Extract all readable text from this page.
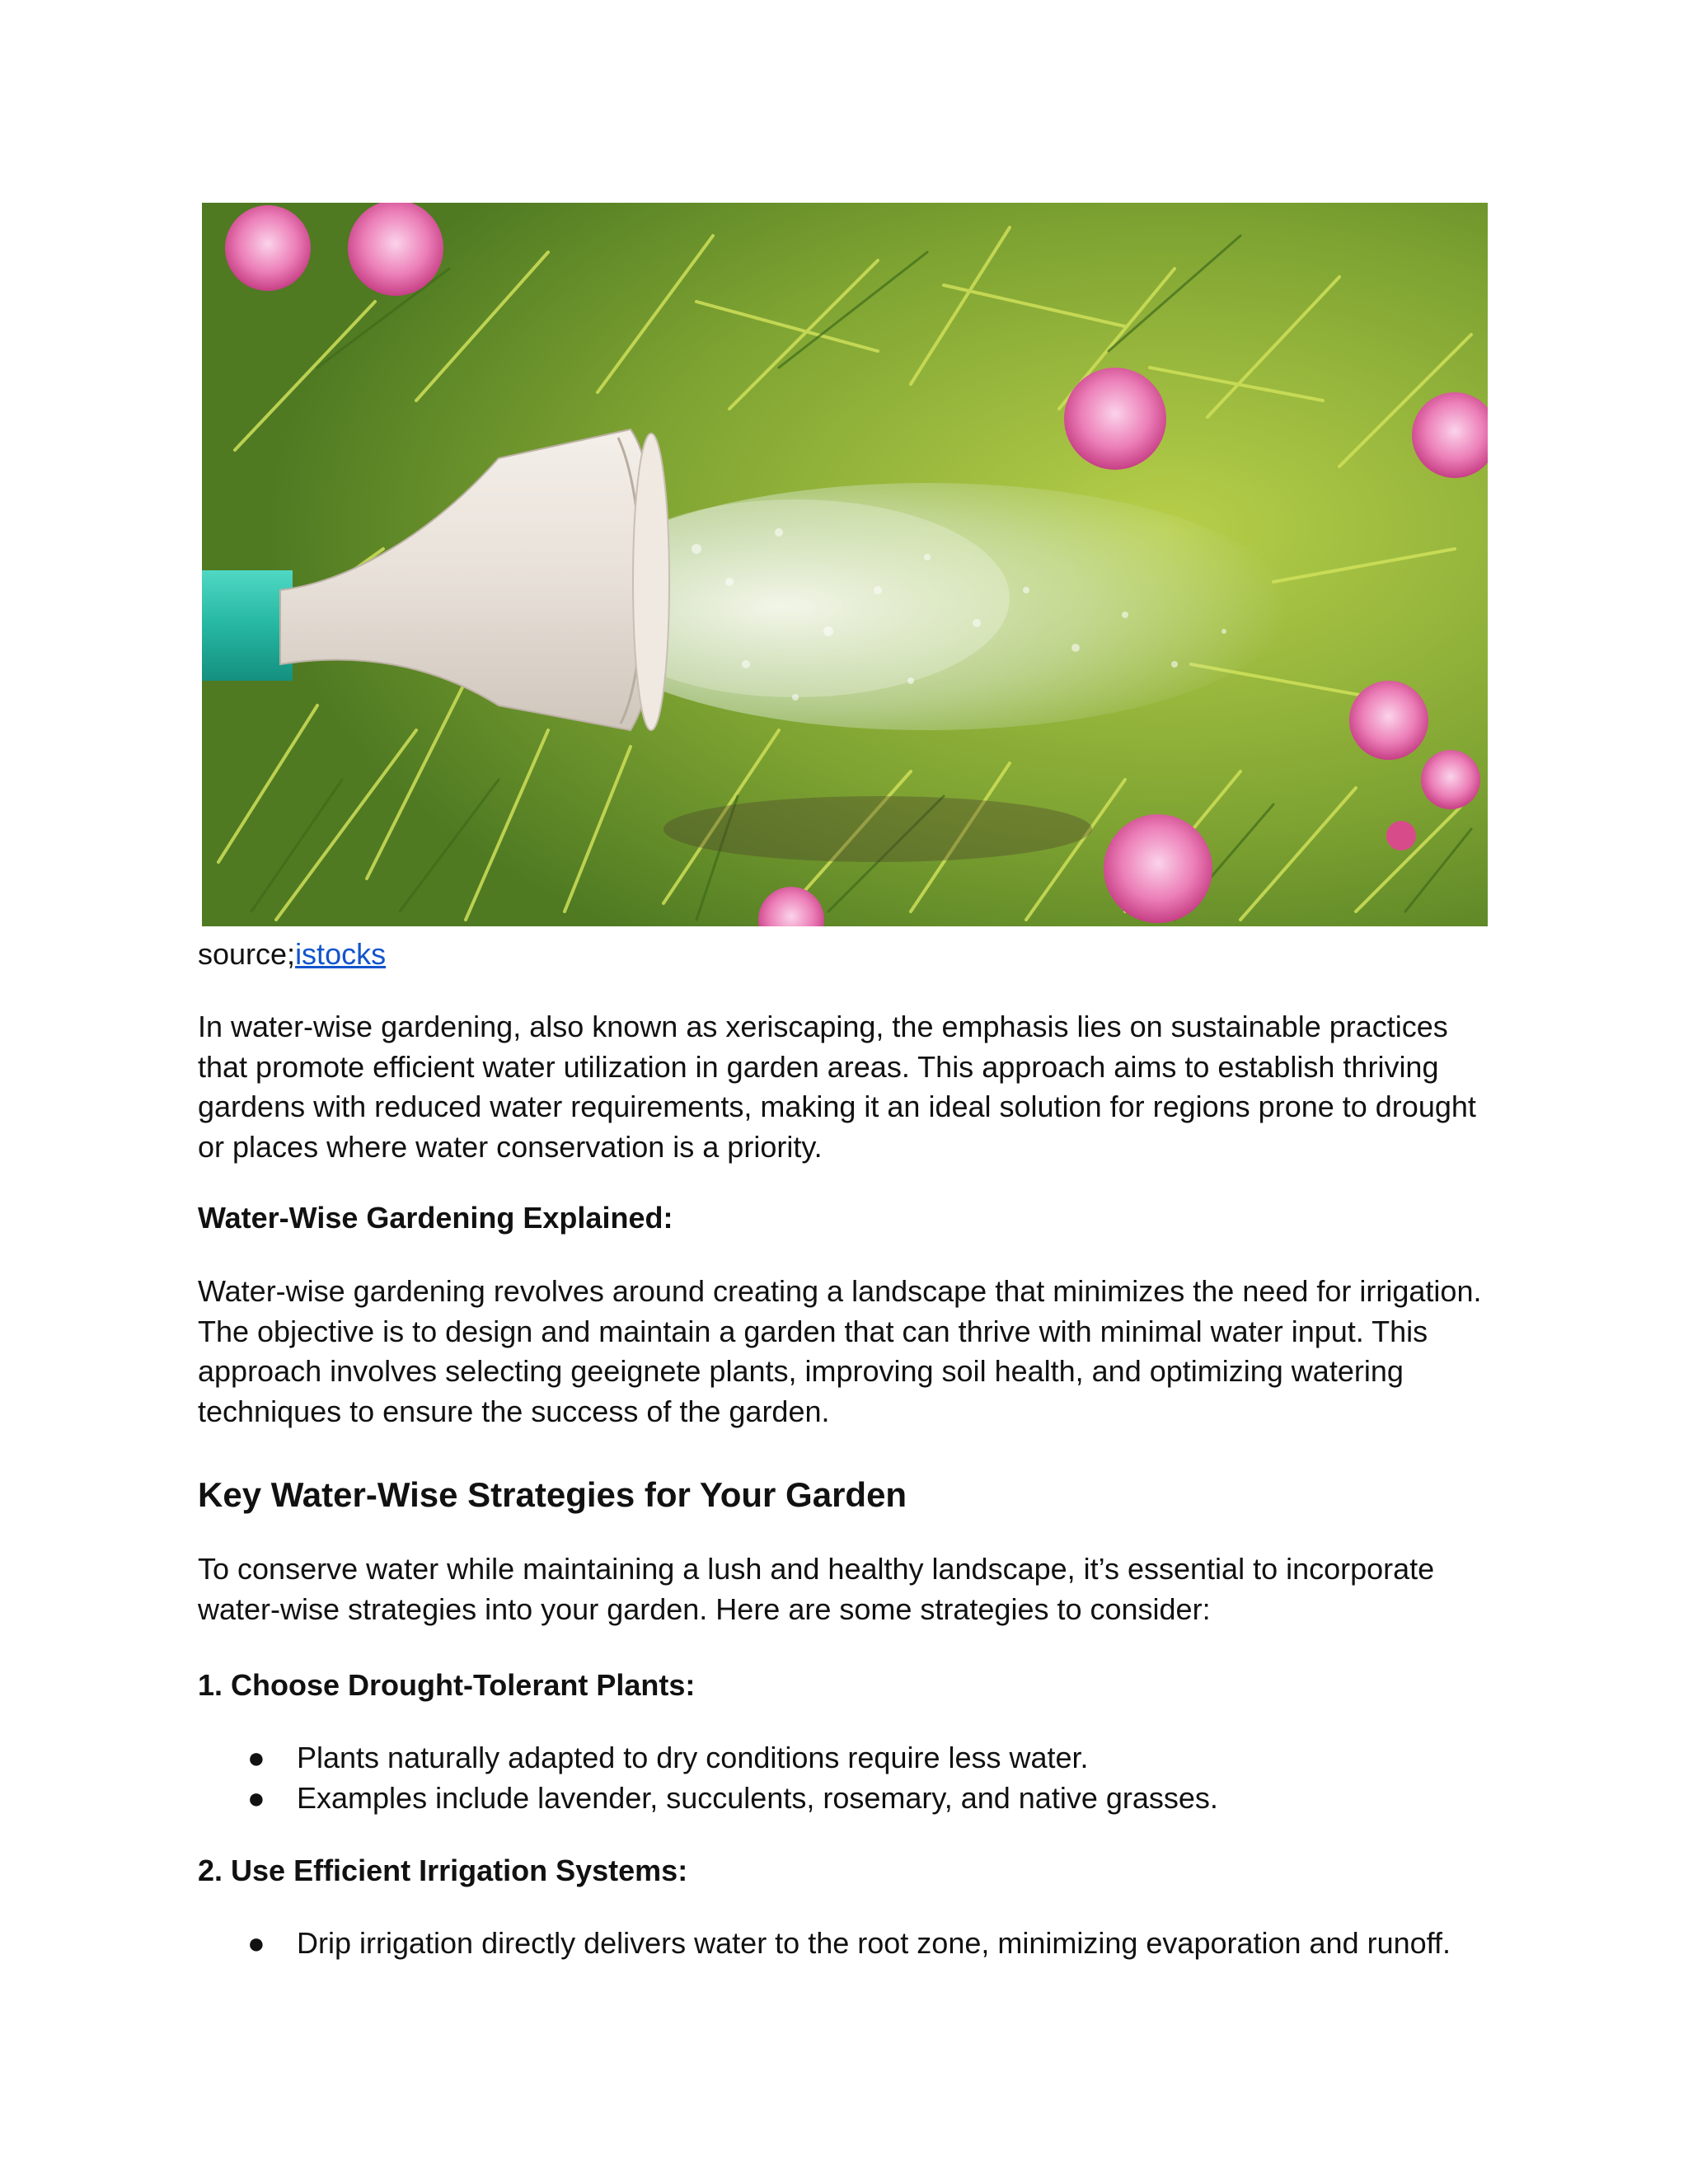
source;istocks

In water-wise gardening, also known as xeriscaping, the emphasis lies on sustainable practices that promote efficient water utilization in garden areas. This approach aims to establish thriving gardens with reduced water requirements, making it an ideal solution for regions prone to drought or places where water conservation is a priority.

Water-Wise Gardening Explained:

Water-wise gardening revolves around creating a landscape that minimizes the need for irrigation. The objective is to design and maintain a garden that can thrive with minimal water input. This approach involves selecting geeignete plants, improving soil health, and optimizing watering techniques to ensure the success of the garden.

Key Water-Wise Strategies for Your Garden

To conserve water while maintaining a lush and healthy landscape, it’s essential to incorporate water-wise strategies into your garden. Here are some strategies to consider:

1. Choose Drought-Tolerant Plants:

● Plants naturally adapted to dry conditions require less water.
● Examples include lavender, succulents, rosemary, and native grasses.

2. Use Efficient Irrigation Systems:

● Drip irrigation directly delivers water to the root zone, minimizing evaporation and runoff.
